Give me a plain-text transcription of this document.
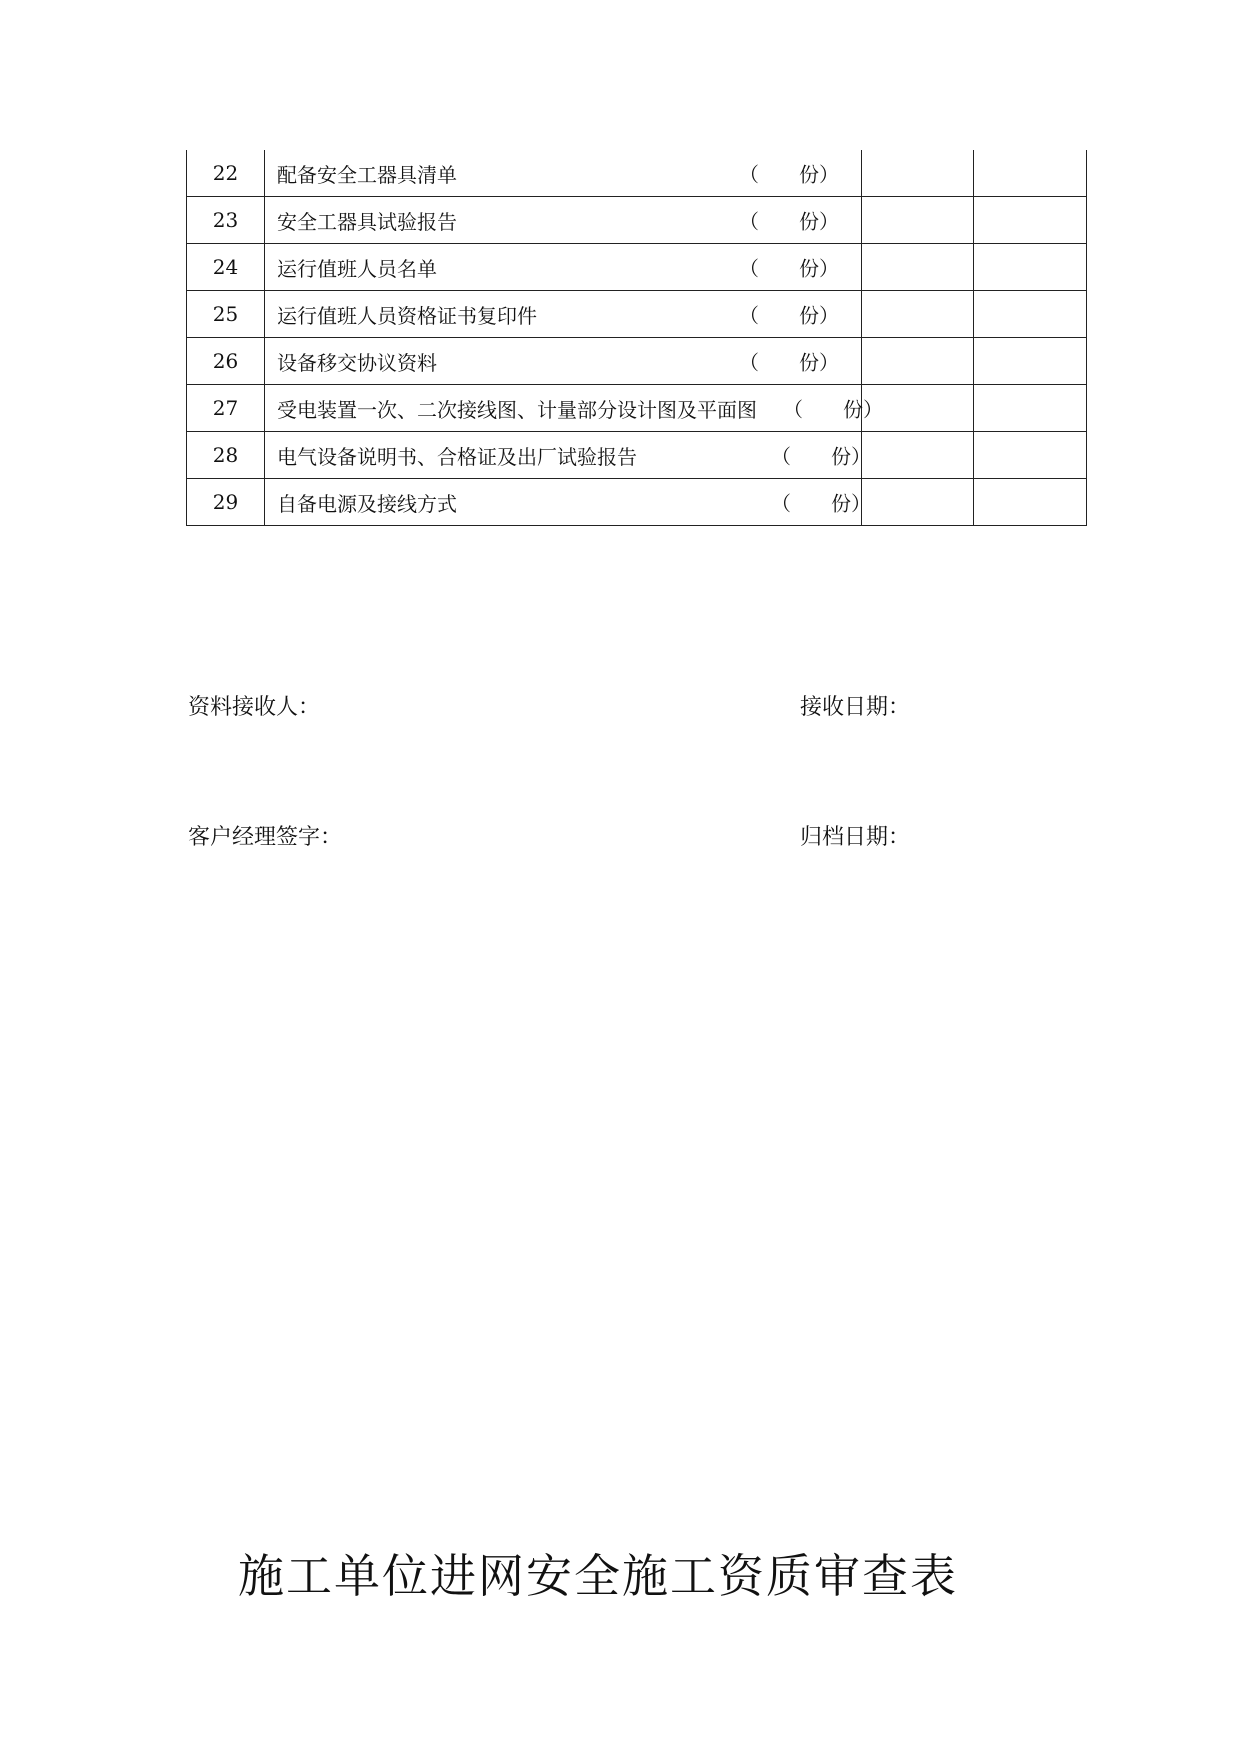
22	配备安全工器具清单 （　　份）		

23	安全工器具试验报告 （　　份）		

24	运行值班人员名单 （　　份）		

25	运行值班人员资格证书复印件 （　　份）		

26	设备移交协议资料 （　　份）		

27	受电装置一次、二次接线图、计量部分设计图及平面图 （　　份）		

28	电气设备说明书、合格证及出厂试验报告 （　　份）		

29	自备电源及接线方式 （　　份）		

资料接收人：	接收日期：
客户经理签字：	归档日期：
施工单位进网安全施工资质审查表
